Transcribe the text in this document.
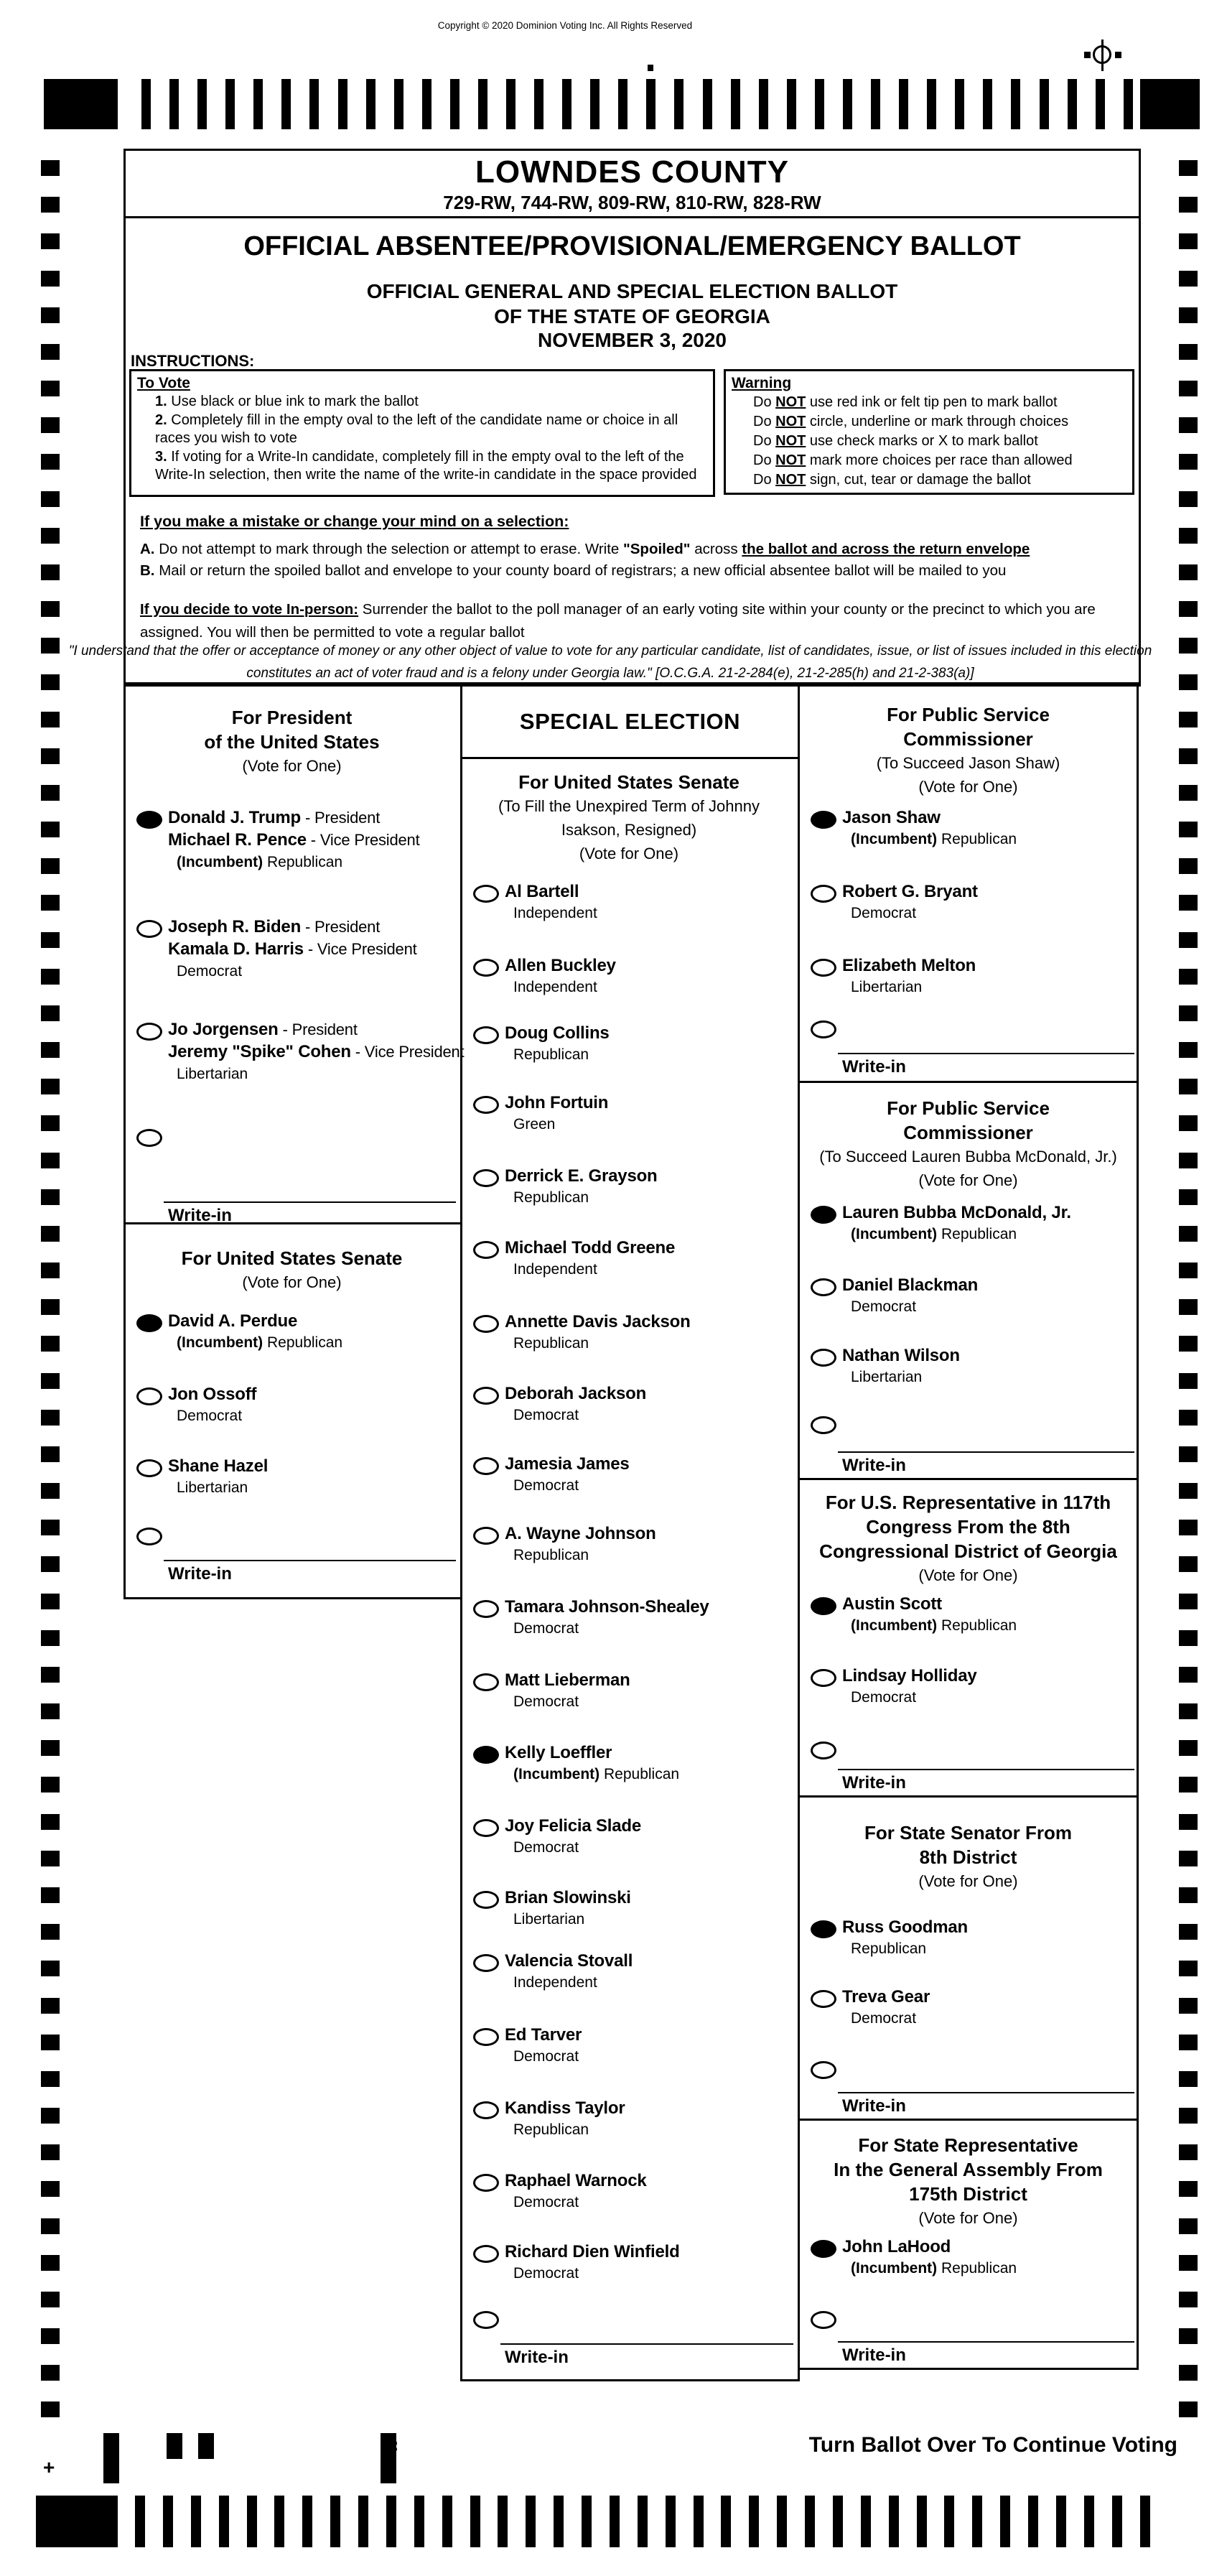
Copyright © 2020 Dominion Voting Inc. All Rights Reserved
LOWNDES COUNTY
729-RW, 744-RW, 809-RW, 810-RW, 828-RW
OFFICIAL ABSENTEE/PROVISIONAL/EMERGENCY BALLOT
OFFICIAL GENERAL AND SPECIAL ELECTION BALLOT
OF THE STATE OF GEORGIA
NOVEMBER 3, 2020
INSTRUCTIONS:
To Vote
1. Use black or blue ink to mark the ballot
2. Completely fill in the empty oval to the left of the candidate name or choice in all races you wish to vote
3. If voting for a Write-In candidate, completely fill in the empty oval to the left of the Write-In selection, then write the name of the write-in candidate in the space provided
Warning
Do NOT use red ink or felt tip pen to mark ballot
Do NOT circle, underline or mark through choices
Do NOT use check marks or X to mark ballot
Do NOT mark more choices per race than allowed
Do NOT sign, cut, tear or damage the ballot
If you make a mistake or change your mind on a selection:
A. Do not attempt to mark through the selection or attempt to erase. Write "Spoiled" across the ballot and across the return envelope
B. Mail or return the spoiled ballot and envelope to your county board of registrars; a new official absentee ballot will be mailed to you
If you decide to vote In-person: Surrender the ballot to the poll manager of an early voting site within your county or the precinct to which you are assigned. You will then be permitted to vote a regular ballot
"I understand that the offer or acceptance of money or any other object of value to vote for any particular candidate, list of candidates, issue, or list of issues included in this election constitutes an act of voter fraud and is a felony under Georgia law." [O.C.G.A. 21-2-284(e), 21-2-285(h) and 21-2-383(a)]
SPECIAL ELECTION
For President
of the United States
(Vote for One)
Donald J. Trump - President
Michael R. Pence - Vice President
(Incumbent) Republican
Joseph R. Biden - President
Kamala D. Harris - Vice President
Democrat
Jo Jorgensen - President
Jeremy "Spike" Cohen - Vice President
Libertarian
Write-in
For United States Senate
(Vote for One)
David A. Perdue
(Incumbent) Republican
Jon Ossoff
Democrat
Shane Hazel
Libertarian
Write-in
For United States Senate
(To Fill the Unexpired Term of Johnny
Isakson, Resigned)
(Vote for One)
Al Bartell
Independent
Allen Buckley
Independent
Doug Collins
Republican
John Fortuin
Green
Derrick E. Grayson
Republican
Michael Todd Greene
Independent
Annette Davis Jackson
Republican
Deborah Jackson
Democrat
Jamesia James
Democrat
A. Wayne Johnson
Republican
Tamara Johnson-Shealey
Democrat
Matt Lieberman
Democrat
Kelly Loeffler
(Incumbent) Republican
Joy Felicia Slade
Democrat
Brian Slowinski
Libertarian
Valencia Stovall
Independent
Ed Tarver
Democrat
Kandiss Taylor
Republican
Raphael Warnock
Democrat
Richard Dien Winfield
Democrat
Write-in
For Public Service
Commissioner
(To Succeed Jason Shaw)
(Vote for One)
Jason Shaw
(Incumbent) Republican
Robert G. Bryant
Democrat
Elizabeth Melton
Libertarian
Write-in
For Public Service
Commissioner
(To Succeed Lauren Bubba McDonald, Jr.)
(Vote for One)
Lauren Bubba McDonald, Jr.
(Incumbent) Republican
Daniel Blackman
Democrat
Nathan Wilson
Libertarian
Write-in
For U.S. Representative in 117th
Congress From the 8th
Congressional District of Georgia
(Vote for One)
Austin Scott
(Incumbent) Republican
Lindsay Holliday
Democrat
Write-in
For State Senator From
8th District
(Vote for One)
Russ Goodman
Republican
Treva Gear
Democrat
Write-in
For State Representative
In the General Assembly From
175th District
(Vote for One)
John LaHood
(Incumbent) Republican
Write-in
Turn Ballot Over To Continue Voting
+
20
